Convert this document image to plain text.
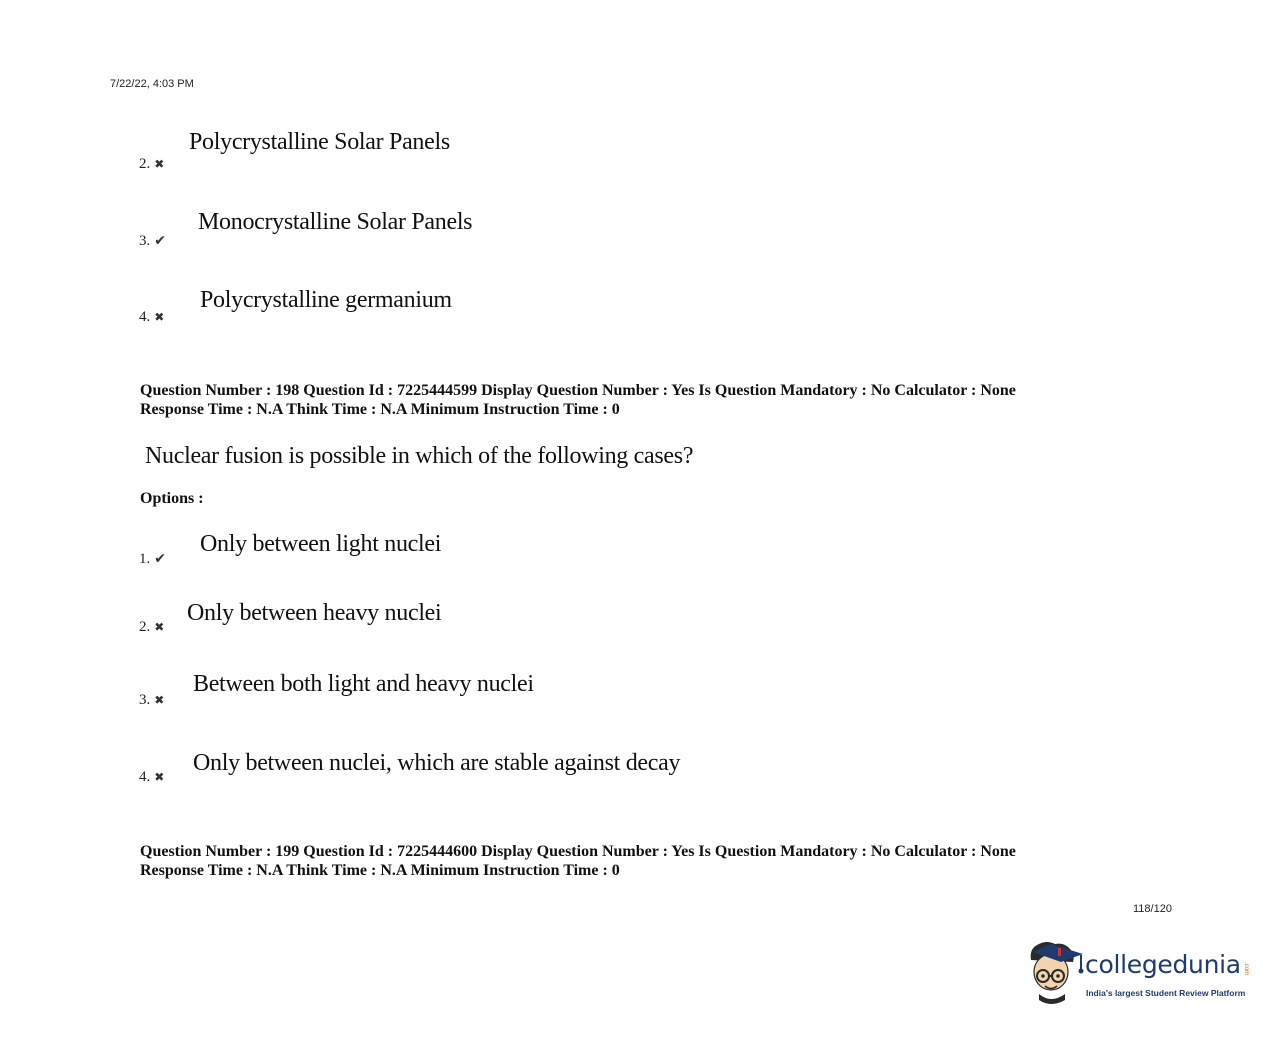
7/22/22, 4:03 PM
2. ✖
Polycrystalline Solar Panels
3. ✔
Monocrystalline Solar Panels
4. ✖
Polycrystalline germanium
Question Number : 198 Question Id : 7225444599 Display Question Number : Yes Is Question Mandatory : No Calculator : None
Response Time : N.A Think Time : N.A Minimum Instruction Time : 0
Nuclear fusion is possible in which of the following cases?
Options :
1. ✔
Only between light nuclei
2. ✖
Only between heavy nuclei
3. ✖
Between both light and heavy nuclei
4. ✖
Only between nuclei, which are stable against decay
Question Number : 199 Question Id : 7225444600 Display Question Number : Yes Is Question Mandatory : No Calculator : None
Response Time : N.A Think Time : N.A Minimum Instruction Time : 0
118/120
collegedunia .com
India's largest Student Review Platform
